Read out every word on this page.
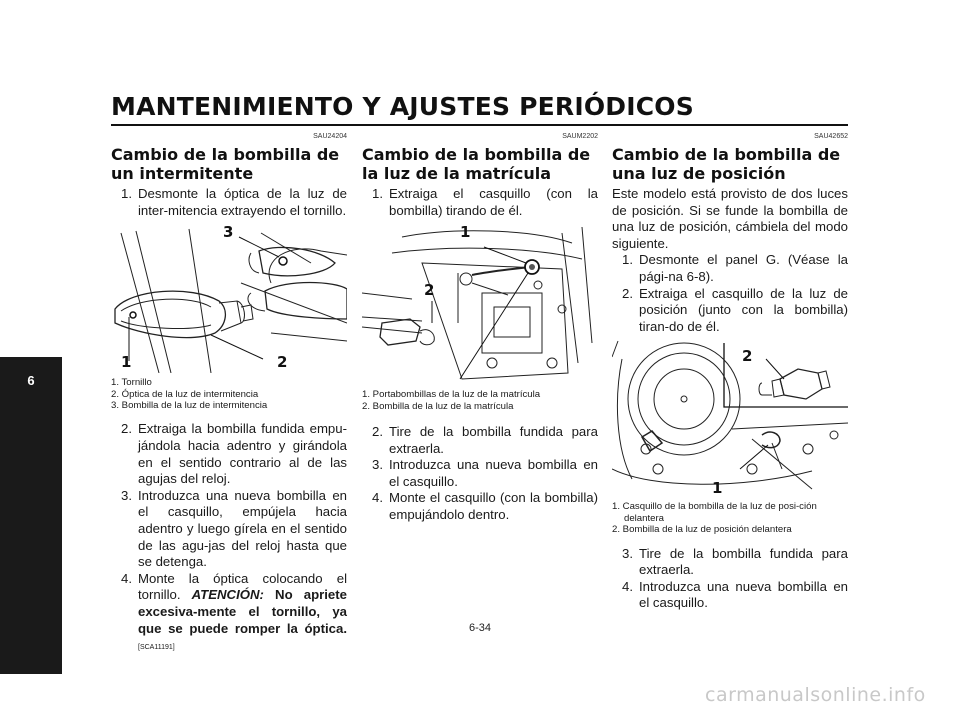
MANTENIMIENTO Y AJUSTES PERIÓDICOS
6
SAU24204
Cambio de la bombilla de un intermitente
1. Desmonte la óptica de la luz de inter-mitencia extrayendo el tornillo.
3
1	2
1. Tornillo
2. Óptica de la luz de intermitencia
3. Bombilla de la luz de intermitencia
2. Extraiga la bombilla fundida empu-jándola hacia adentro y girándola en el sentido contrario al de las agujas del reloj.
3. Introduzca una nueva bombilla en el casquillo, empújela hacia adentro y luego gírela en el sentido de las agu-jas del reloj hasta que se detenga.
4. Monte la óptica colocando el tornillo. ATENCIÓN: No apriete excesiva-mente el tornillo, ya que se puede romper la óptica. [SCA11191]
SAUM2202
Cambio de la bombilla de la luz de la matrícula
1. Extraiga el casquillo (con la bombilla) tirando de él.
1
2
1. Portabombillas de la luz de la matrícula
2. Bombilla de la luz de la matrícula
2. Tire de la bombilla fundida para extraerla.
3. Introduzca una nueva bombilla en el casquillo.
4. Monte el casquillo (con la bombilla) empujándolo dentro.
SAU42652
Cambio de la bombilla de una luz de posición

Este modelo está provisto de dos luces de posición. Si se funde la bombilla de una luz de posición, cámbiela del modo siguiente.

1. Desmonte el panel G. (Véase la pági-na 6-8).
2. Extraiga el casquillo de la luz de posición (junto con la bombilla) tiran-do de él.
2
1
1. Casquillo de la bombilla de la luz de posi-ción delantera
2. Bombilla de la luz de posición delantera
3. Tire de la bombilla fundida para extraerla.
4. Introduzca una nueva bombilla en el casquillo.
6-34
carmanualsonline.info
